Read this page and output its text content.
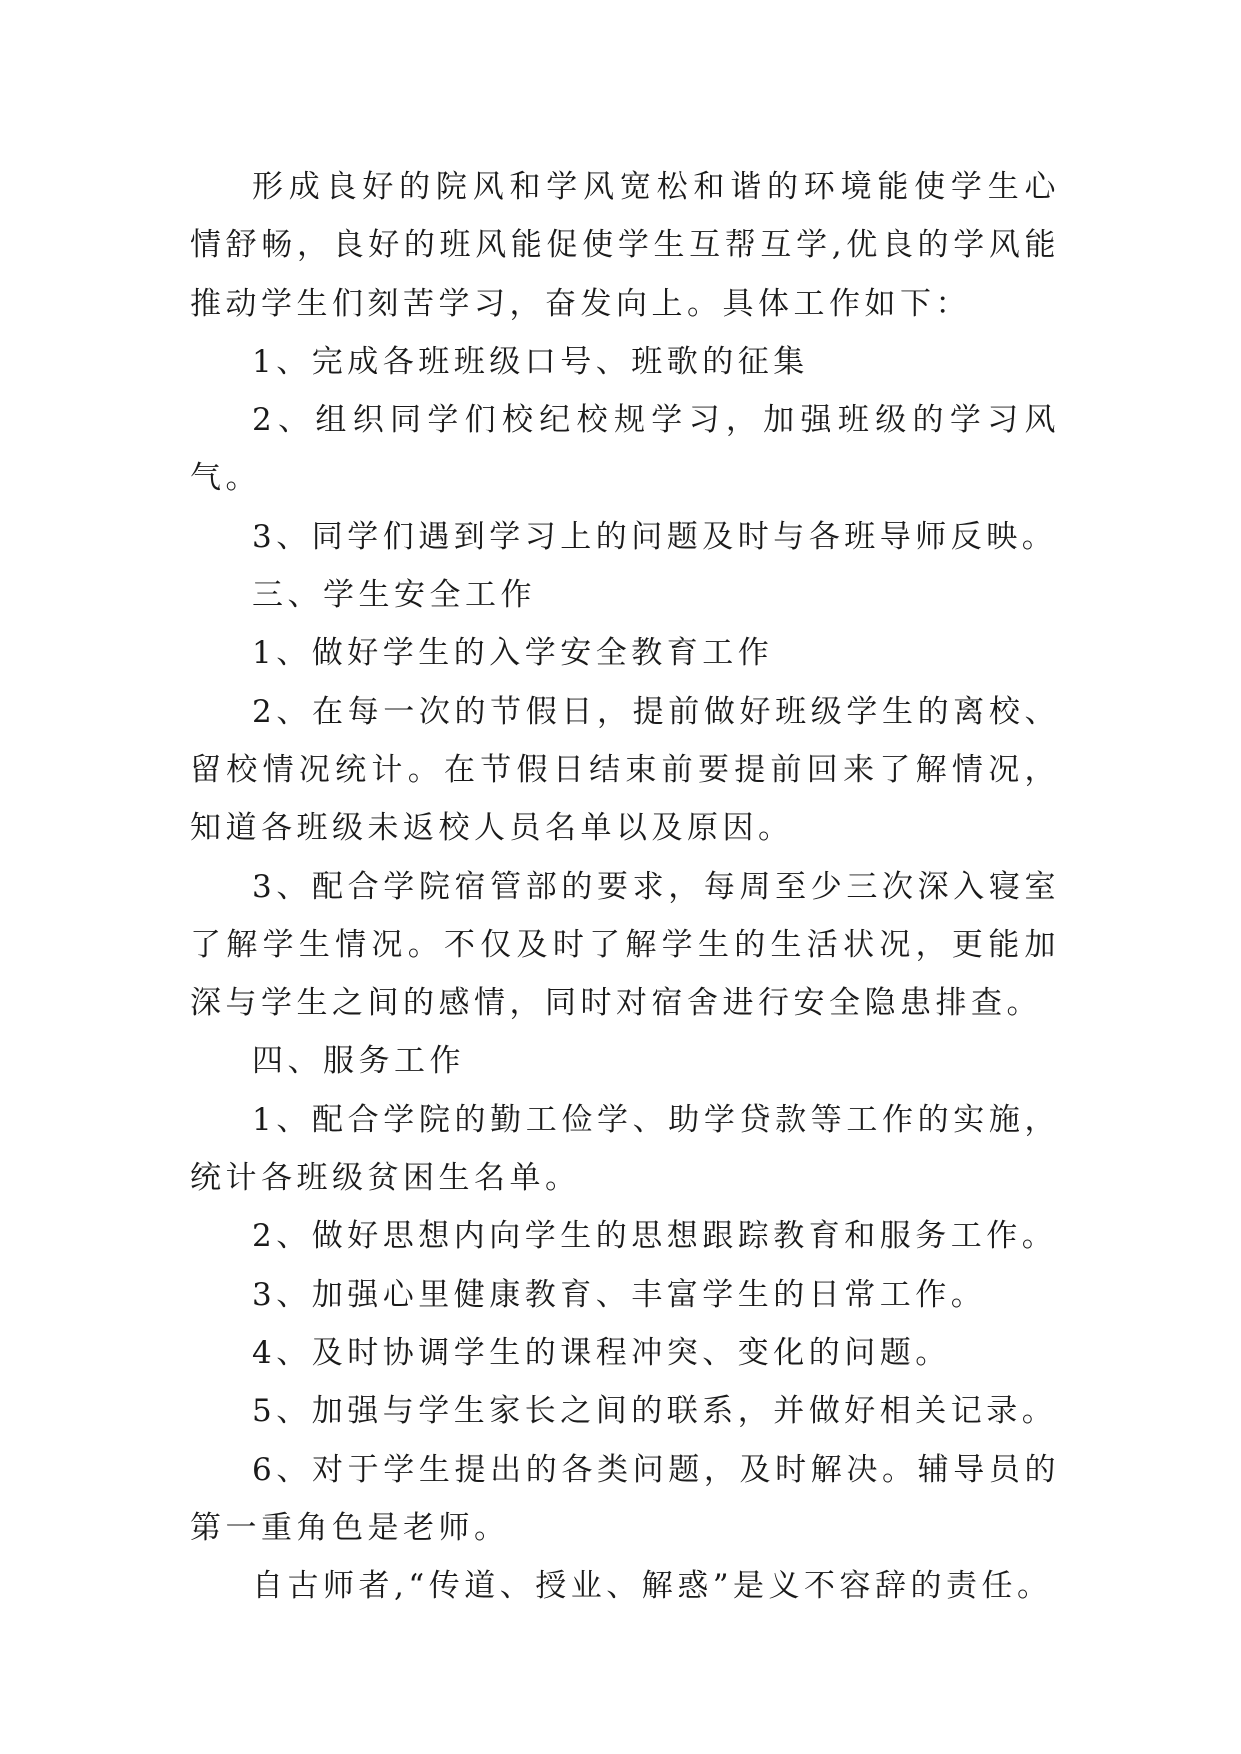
形成良好的院风和学风宽松和谐的环境能使学生心情舒畅，良好的班风能促使学生互帮互学,优良的学风能推动学生们刻苦学习，奋发向上。具体工作如下：

1、完成各班班级口号、班歌的征集

2、组织同学们校纪校规学习，加强班级的学习风气。

3、同学们遇到学习上的问题及时与各班导师反映。

三、学生安全工作

1、做好学生的入学安全教育工作

2、在每一次的节假日，提前做好班级学生的离校、留校情况统计。在节假日结束前要提前回来了解情况，知道各班级未返校人员名单以及原因。

3、配合学院宿管部的要求，每周至少三次深入寝室了解学生情况。不仅及时了解学生的生活状况，更能加深与学生之间的感情，同时对宿舍进行安全隐患排查。

四、服务工作

1、配合学院的勤工俭学、助学贷款等工作的实施，统计各班级贫困生名单。

2、做好思想内向学生的思想跟踪教育和服务工作。

3、加强心里健康教育、丰富学生的日常工作。

4、及时协调学生的课程冲突、变化的问题。

5、加强与学生家长之间的联系，并做好相关记录。

6、对于学生提出的各类问题，及时解决。辅导员的第一重角色是老师。

自古师者,“传道、授业、解惑”是义不容辞的责任。
